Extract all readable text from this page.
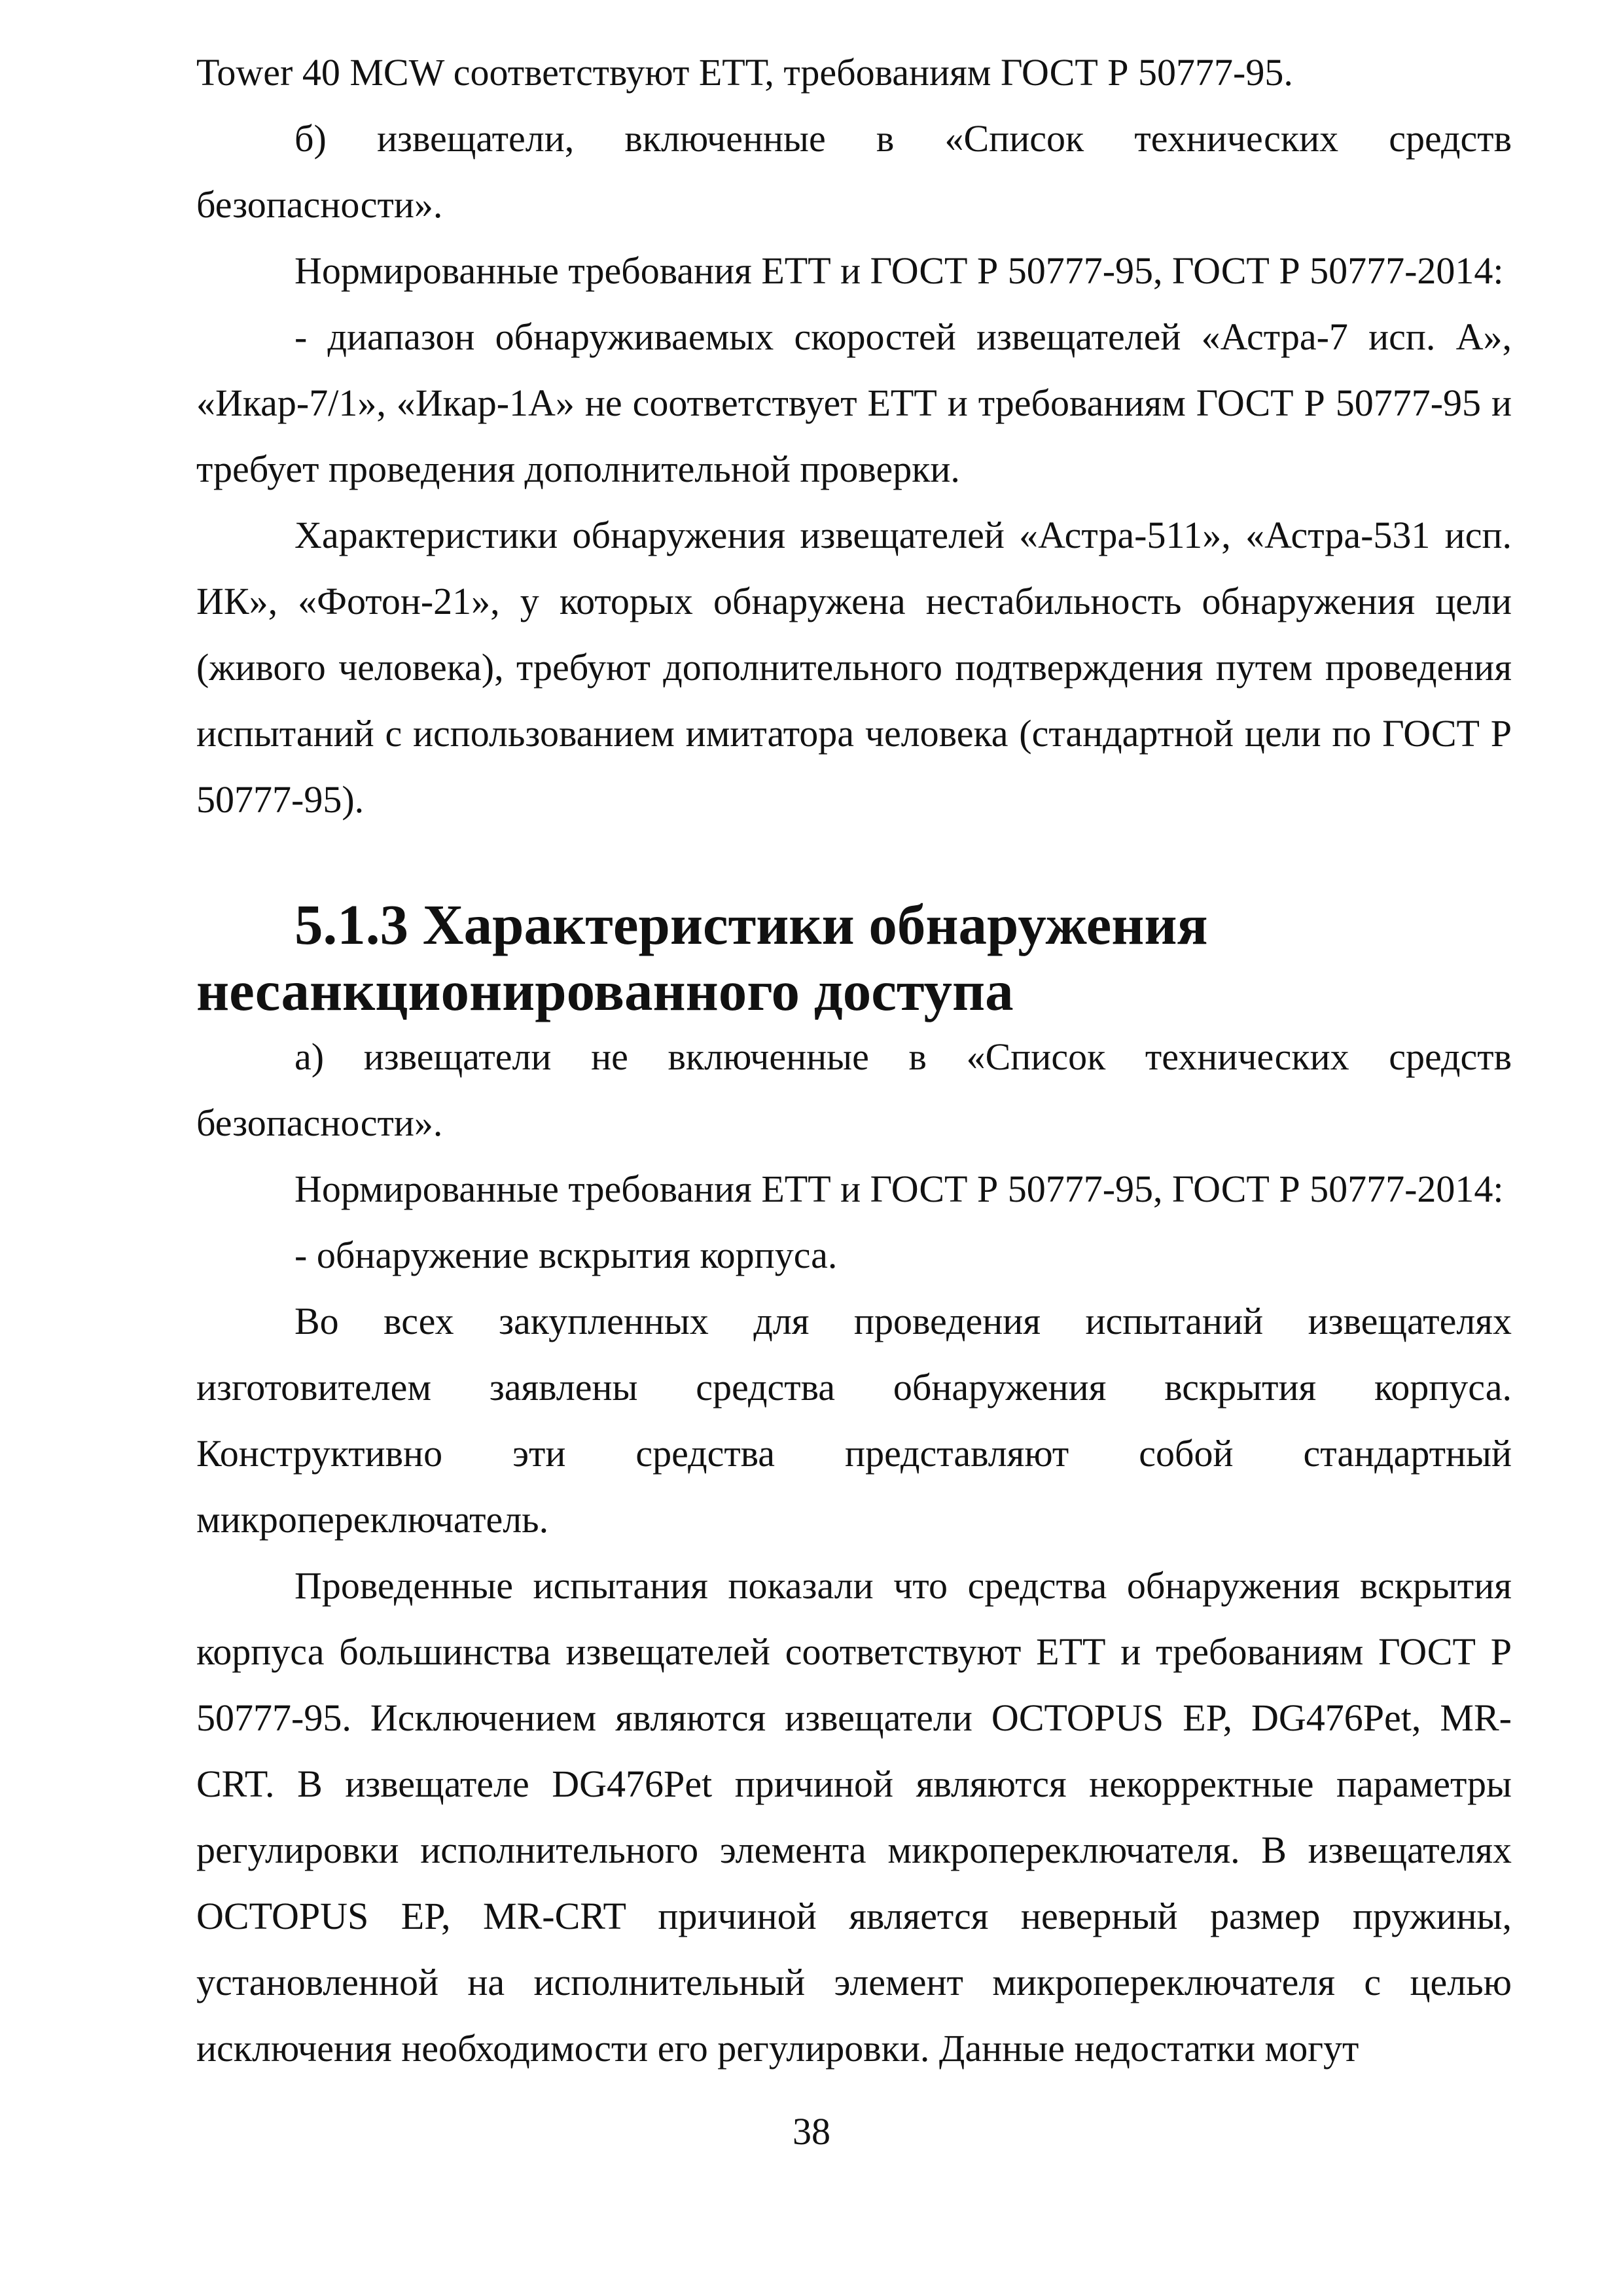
Tower 40 MCW соответствуют ЕТТ, требованиям ГОСТ Р 50777-95.

б) извещатели, включенные в «Список технических средств безопасности».

Нормированные требования ЕТТ и ГОСТ Р 50777-95, ГОСТ Р 50777-2014:

- диапазон обнаруживаемых скоростей извещателей «Астра-7 исп. А», «Икар-7/1», «Икар-1А» не соответствует ЕТТ и требованиям ГОСТ Р 50777-95 и требует проведения дополнительной проверки.

Характеристики обнаружения извещателей «Астра-511», «Астра-531 исп. ИК», «Фотон-21», у которых обнаружена нестабильность обнаружения цели (живого человека), требуют дополнительного подтверждения путем проведения испытаний с использованием имитатора человека (стандартной цели по ГОСТ Р 50777-95).

5.1.3 Характеристики обнаружения несанкционированного доступа

а) извещатели не включенные в «Список технических средств безопасности».

Нормированные требования ЕТТ и ГОСТ Р 50777-95, ГОСТ Р 50777-2014:

- обнаружение вскрытия корпуса.

Во всех закупленных для проведения испытаний извещателях изготовителем заявлены средства обнаружения вскрытия корпуса. Конструктивно эти средства представляют собой стандартный микропереключатель.

Проведенные испытания показали что средства обнаружения вскрытия корпуса большинства извещателей соответствуют ЕТТ и требованиям ГОСТ Р 50777-95. Исключением являются извещатели OCTOPUS EP, DG476Pet, MR-CRT. В извещателе DG476Pet причиной являются некорректные параметры регулировки исполнительного элемента микропереключателя. В извещателях OCTOPUS EP, MR-CRT причиной является неверный размер пружины, установленной на исполнительный элемент микропереключателя с целью исключения необходимости его регулировки. Данные недостатки могут

38
